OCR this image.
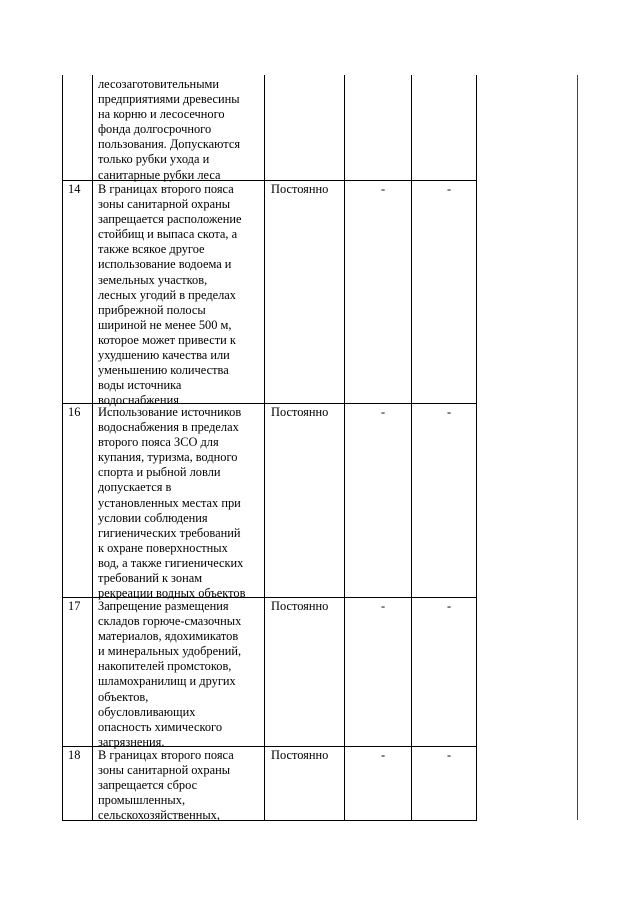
лесозаготовительными
предприятиями древесины
на корню и лесосечного
фонда долгосрочного
пользования. Допускаются
только рубки ухода и
санитарные рубки леса
14 В границах второго пояса
зоны санитарной охраны
запрещается расположение
стойбищ и выпаса скота, а
также всякое другое
использование водоема и
земельных участков,
лесных угодий в пределах
прибрежной полосы
шириной не менее 500 м,
которое может привести к
ухудшению качества или
уменьшению количества
воды источника
водоснабжения
Постоянно	-	-
16 Использование источников
водоснабжения в пределах
второго пояса ЗСО для
купания, туризма, водного
спорта и рыбной ловли
допускается в
установленных местах при
условии соблюдения
гигиенических требований
к охране поверхностных
вод, а также гигиенических
требований к зонам
рекреации водных объектов
Постоянно	-	-
17 Запрещение размещения
складов горюче-смазочных
материалов, ядохимикатов
и минеральных удобрений,
накопителей промстоков,
шламохранилищ и других
объектов,
обусловливающих
опасность химического
загрязнения.
Постоянно	-	-
18 В границах второго пояса
зоны санитарной охраны
запрещается сброс
промышленных,
сельскохозяйственных,
Постоянно	-	-
